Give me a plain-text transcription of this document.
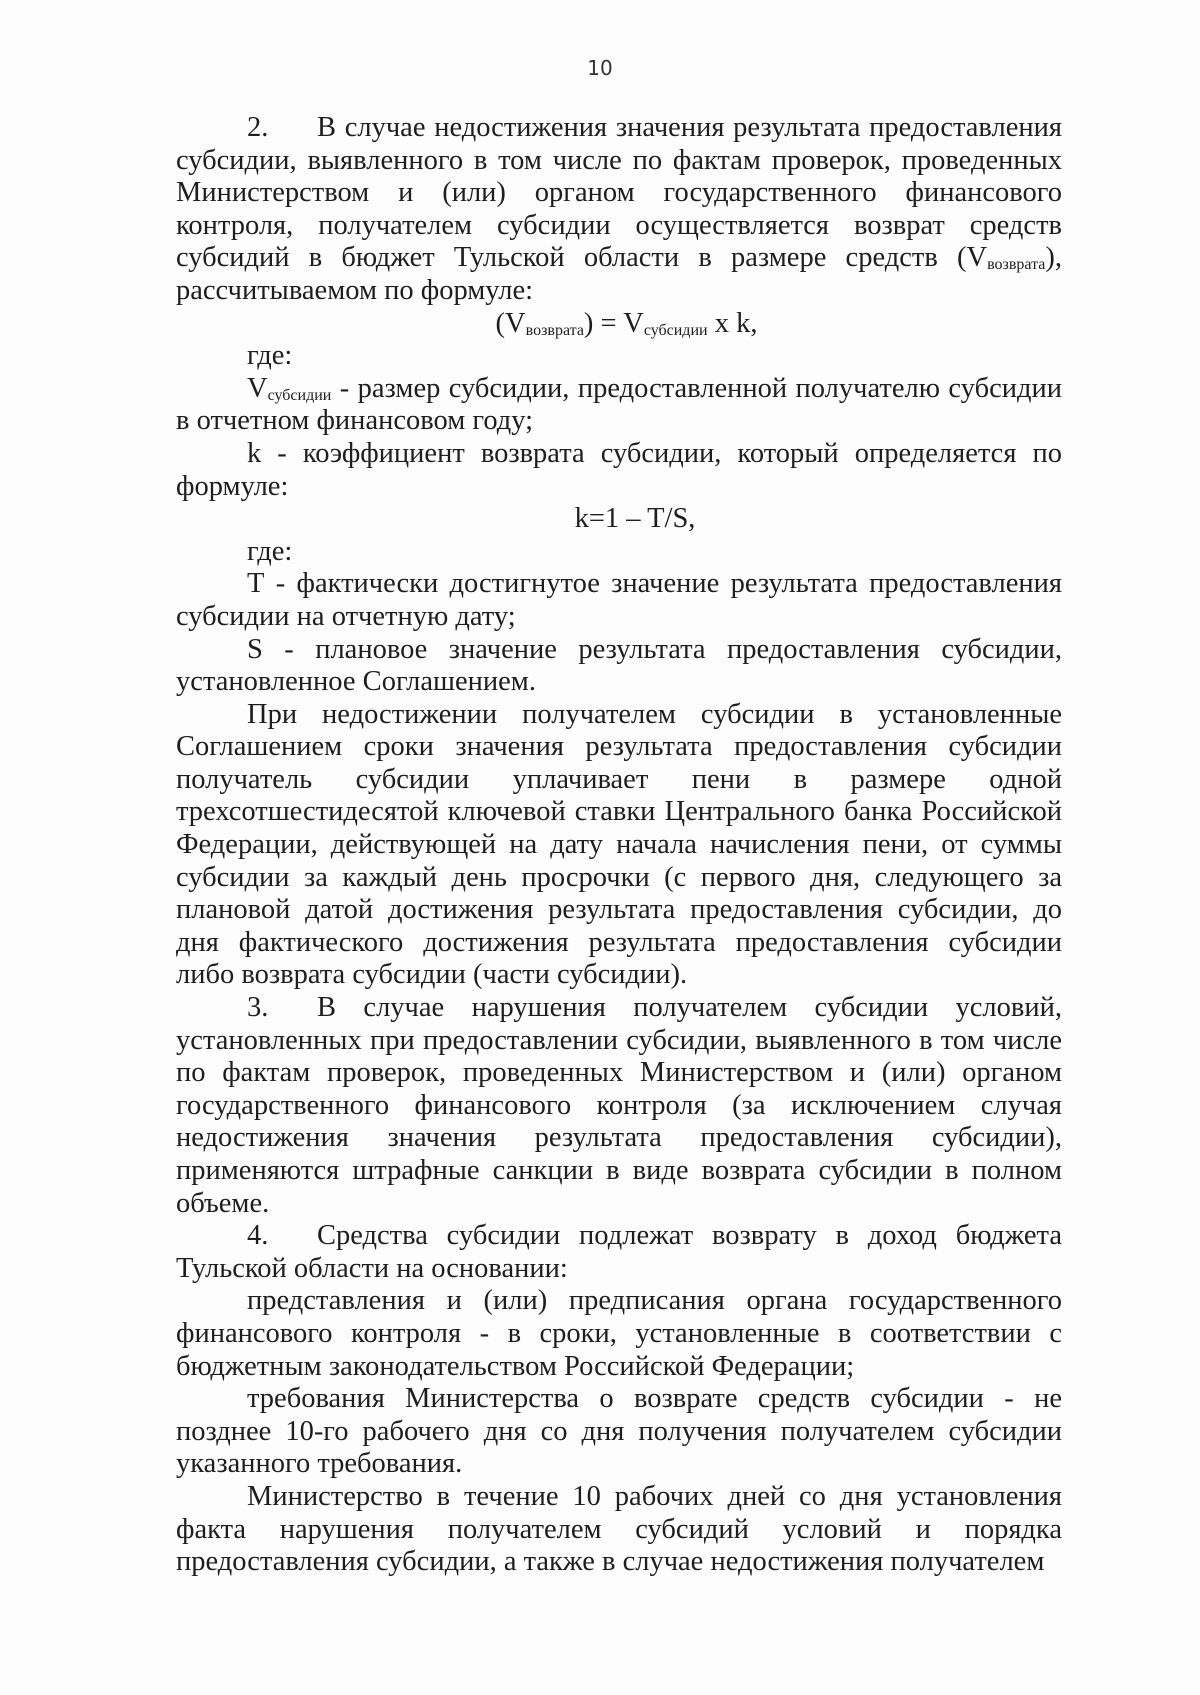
10

2. В случае недостижения значения результата предоставления субсидии, выявленного в том числе по фактам проверок, проведенных Министерством и (или) органом государственного финансового контроля, получателем субсидии осуществляется возврат средств субсидий в бюджет Тульской области в размере средств $(V_{возврата})$, рассчитываемом по формуле:

$(V_{возврата}) = V_{субсидии}$ x k,

где:

$V_{субсидии}$ - размер субсидии, предоставленной получателю субсидии в отчетном финансовом году;

k - коэффициент возврата субсидии, который определяется по формуле:

k=1 – T/S,

где:

Т - фактически достигнутое значение результата предоставления субсидии на отчетную дату;

S - плановое значение результата предоставления субсидии, установленное Соглашением.

При недостижении получателем субсидии в установленные Соглашением сроки значения результата предоставления субсидии получатель субсидии уплачивает пени в размере одной трехсотшестидесятой ключевой ставки Центрального банка Российской Федерации, действующей на дату начала начисления пени, от суммы субсидии за каждый день просрочки (с первого дня, следующего за плановой датой достижения результата предоставления субсидии, до дня фактического достижения результата предоставления субсидии либо возврата субсидии (части субсидии).

3. В случае нарушения получателем субсидии условий, установленных при предоставлении субсидии, выявленного в том числе по фактам проверок, проведенных Министерством и (или) органом государственного финансового контроля (за исключением случая недостижения значения результата предоставления субсидии), применяются штрафные санкции в виде возврата субсидии в полном объеме.

4. Средства субсидии подлежат возврату в доход бюджета Тульской области на основании:

представления и (или) предписания органа государственного финансового контроля - в сроки, установленные в соответствии с бюджетным законодательством Российской Федерации;

требования Министерства о возврате средств субсидии - не позднее 10-го рабочего дня со дня получения получателем субсидии указанного требования.

Министерство в течение 10 рабочих дней со дня установления факта нарушения получателем субсидий условий и порядка предоставления субсидии, а также в случае недостижения получателем
